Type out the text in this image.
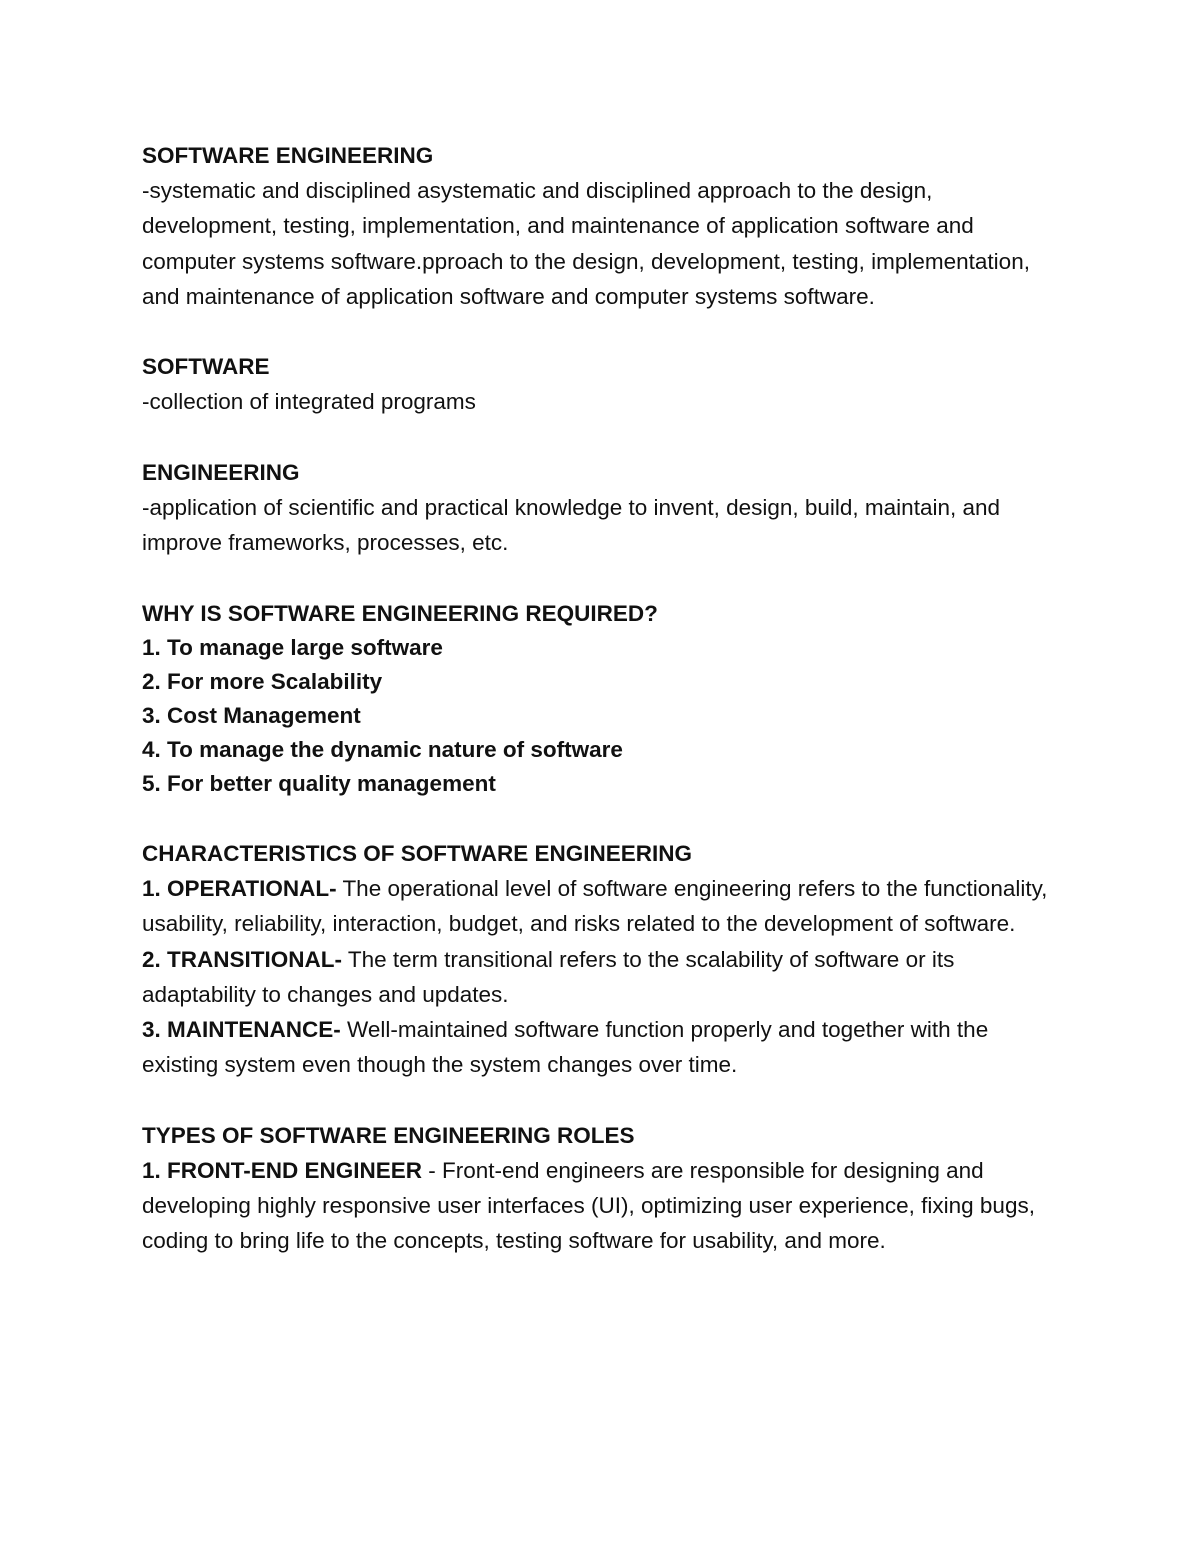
SOFTWARE ENGINEERING

-systematic and disciplined asystematic and disciplined approach to the design, development, testing, implementation, and maintenance of application software and computer systems software.pproach to the design, development, testing, implementation, and maintenance of application software and computer systems software.

SOFTWARE

-collection of integrated programs

ENGINEERING

-application of scientific and practical knowledge to invent, design, build, maintain, and improve frameworks, processes, etc.

WHY IS SOFTWARE ENGINEERING REQUIRED?

1. To manage large software

2. For more Scalability

3. Cost Management

4. To manage the dynamic nature of software

5. For better quality management

CHARACTERISTICS OF SOFTWARE ENGINEERING

1. OPERATIONAL- The operational level of software engineering refers to the functionality, usability, reliability, interaction, budget, and risks related to the development of software.

2. TRANSITIONAL- The term transitional refers to the scalability of software or its adaptability to changes and updates.

3. MAINTENANCE- Well-maintained software function properly and together with the existing system even though the system changes over time.

TYPES OF SOFTWARE ENGINEERING ROLES

1. FRONT-END ENGINEER - Front-end engineers are responsible for designing and developing highly responsive user interfaces (UI), optimizing user experience, fixing bugs, coding to bring life to the concepts, testing software for usability, and more.
